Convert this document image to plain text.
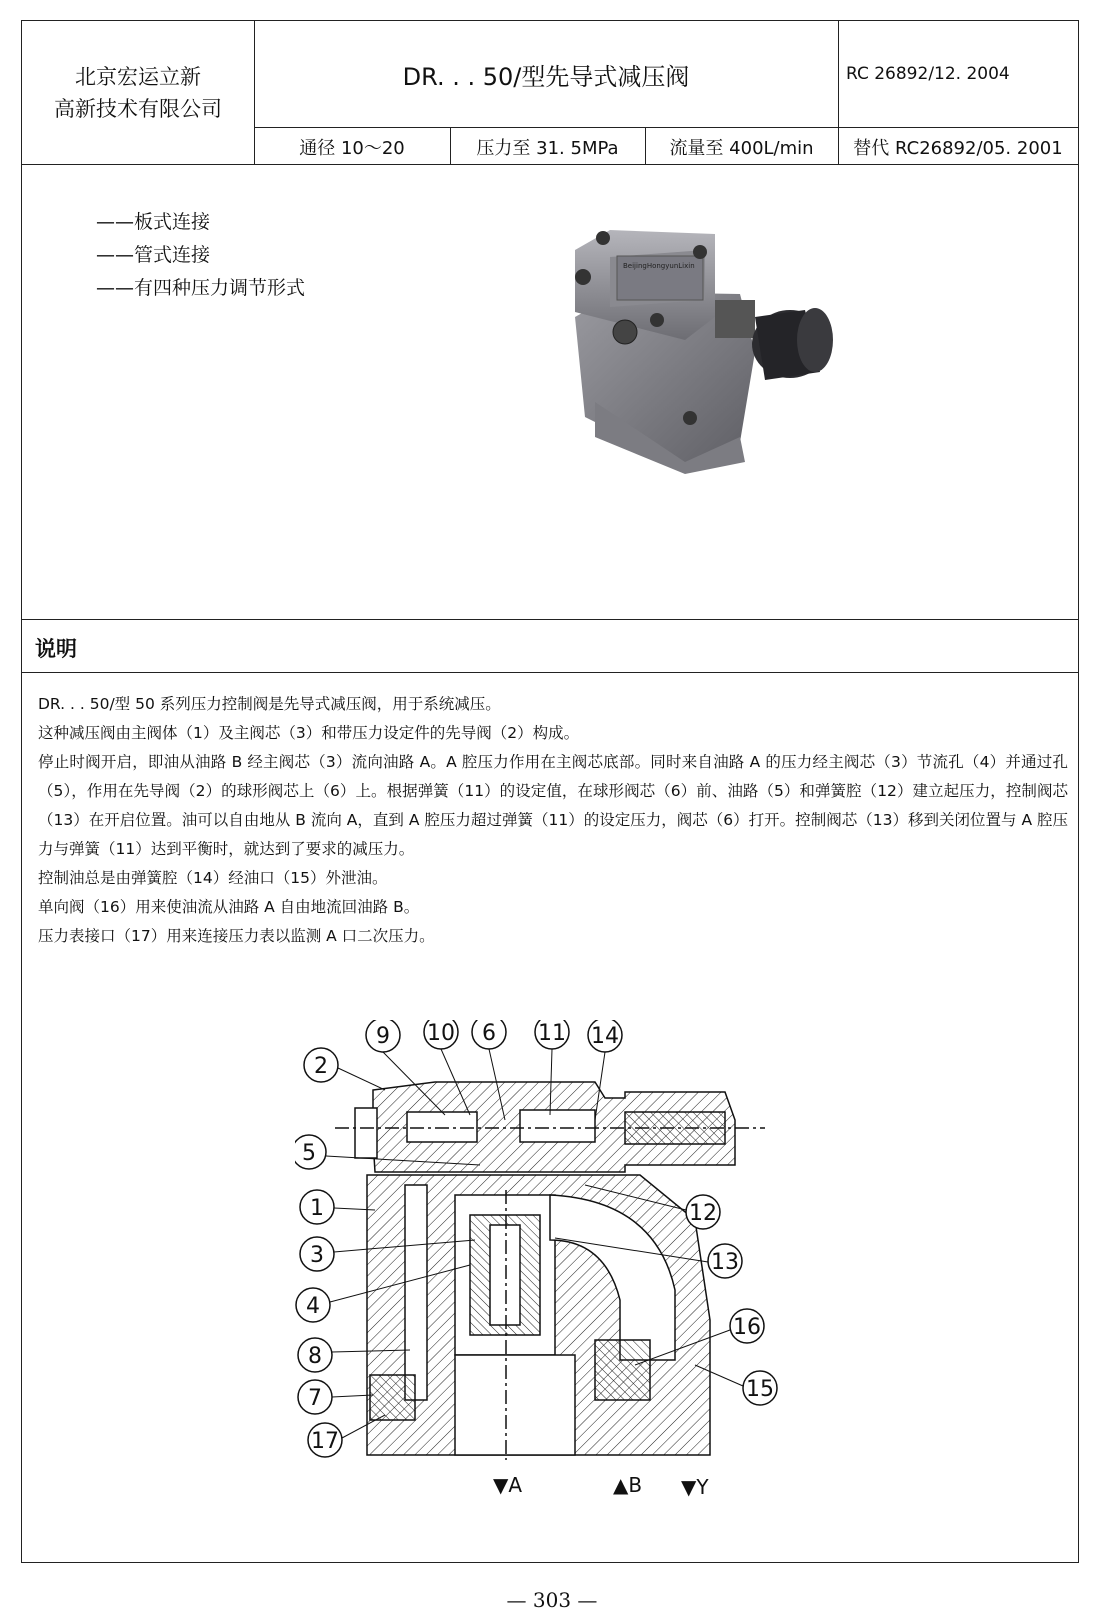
北京宏运立新
高新技术有限公司
DR. . . 50/型先导式减压阀	RC 26892/12. 2004
通径 10～20	压力至 31. 5MPa	流量至 400L/min	替代 RC26892/05. 2001
——板式连接
——管式连接
——有四种压力调节形式
BeijingHongyunLixin
说明

DR. . . 50/型 50 系列压力控制阀是先导式减压阀，用于系统减压。

这种减压阀由主阀体（1）及主阀芯（3）和带压力设定件的先导阀（2）构成。

停止时阀开启，即油从油路 B 经主阀芯（3）流向油路 A。A 腔压力作用在主阀芯底部。同时来自油路 A 的压力经主阀芯（3）节流孔（4）并通过孔（5），作用在先导阀（2）的球形阀芯上（6）上。根据弹簧（11）的设定值，在球形阀芯（6）前、油路（5）和弹簧腔（12）建立起压力，控制阀芯（13）在开启位置。油可以自由地从 B 流向 A，直到 A 腔压力超过弹簧（11）的设定压力，阀芯（6）打开。控制阀芯（13）移到关闭位置与 A 腔压力与弹簧（11）达到平衡时，就达到了要求的减压力。

控制油总是由弹簧腔（14）经油口（15）外泄油。

单向阀（16）用来使油流从油路 A 自由地流回油路 B。

压力表接口（17）用来连接压力表以监测 A 口二次压力。

9 10 6 11 14
2
5
1	12
3	13
4
16
8
15
7
17
▼A	▲B ▼Y
— 303 —
